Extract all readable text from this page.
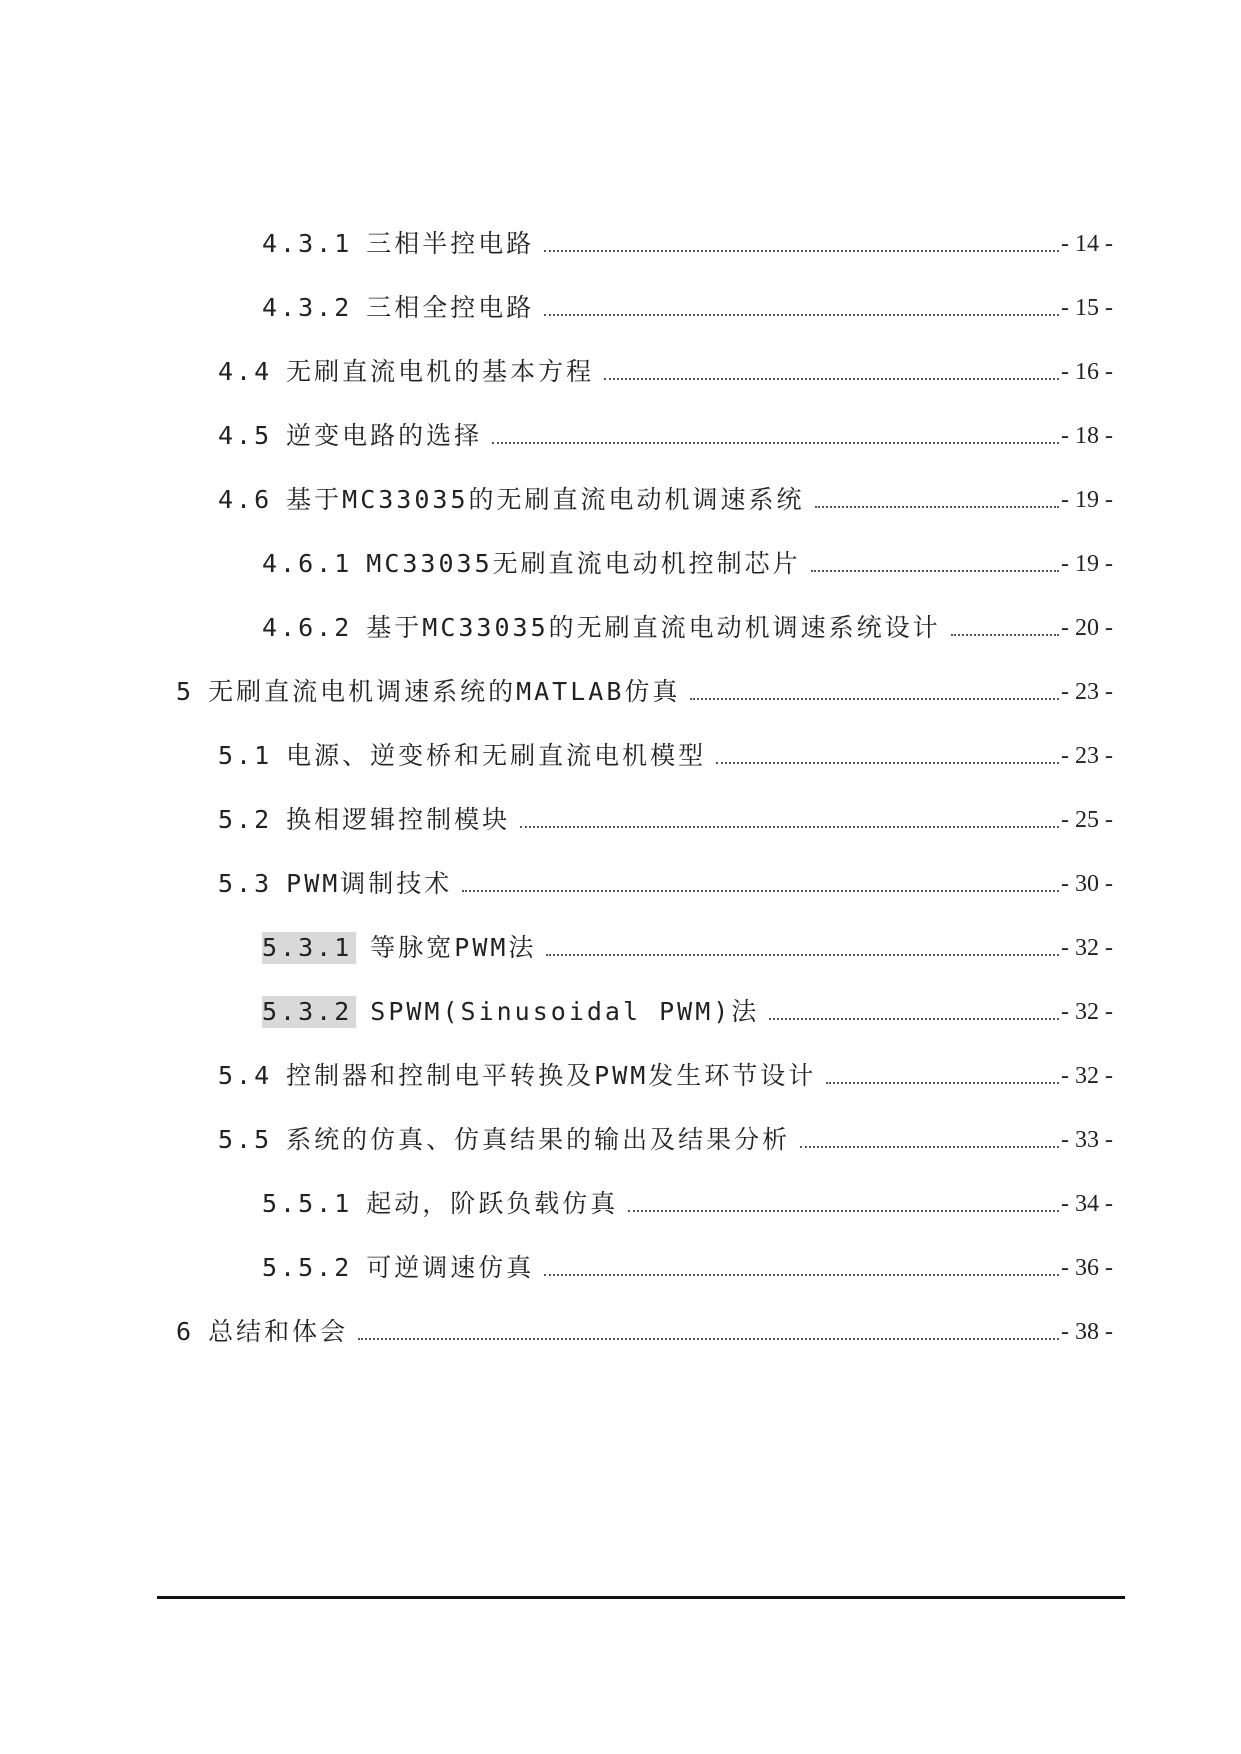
4.3.1 三相半控电路	- 14 -
4.3.2 三相全控电路	- 15 -
4.4 无刷直流电机的基本方程	- 16 -
4.5 逆变电路的选择	- 18 -
4.6 基于MC33035的无刷直流电动机调速系统	- 19 -
4.6.1 MC33035无刷直流电动机控制芯片	- 19 -
4.6.2 基于MC33035的无刷直流电动机调速系统设计	- 20 -
5 无刷直流电机调速系统的MATLAB仿真	- 23 -
5.1 电源、逆变桥和无刷直流电机模型	- 23 -
5.2 换相逻辑控制模块	- 25 -
5.3 PWM调制技术	- 30 -
5.3.1 等脉宽PWM法	- 32 -
5.3.2 SPWM(Sinusoidal PWM)法	- 32 -
5.4 控制器和控制电平转换及PWM发生环节设计	- 32 -
5.5 系统的仿真、仿真结果的输出及结果分析	- 33 -
5.5.1 起动，阶跃负载仿真	- 34 -
5.5.2 可逆调速仿真	- 36 -
6 总结和体会	- 38 -
